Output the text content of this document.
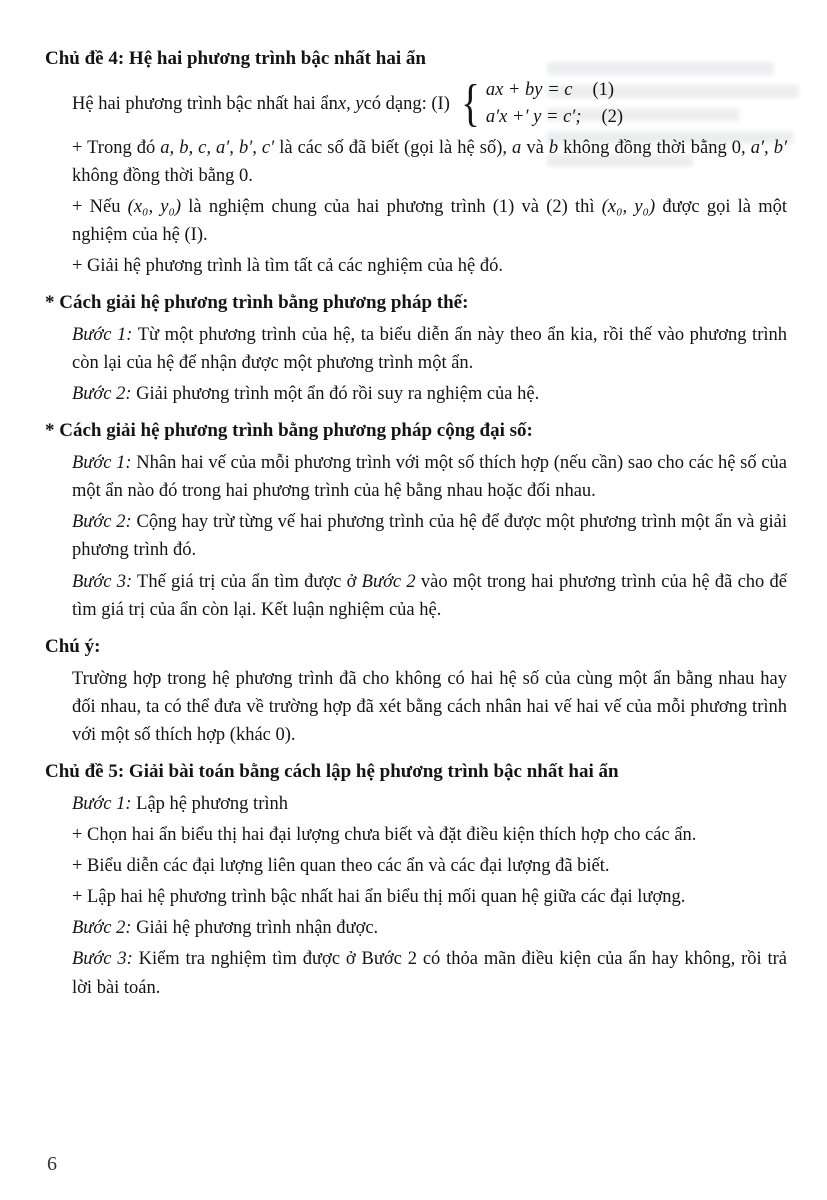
Chủ đề 4: Hệ hai phương trình bậc nhất hai ẩn
Hệ hai phương trình bậc nhất hai ẩn x, y có dạng: (I) { ax + by = c (1)
a′x +′ y = c′; (2)
+ Trong đó a, b, c, a′, b′, c′ là các số đã biết (gọi là hệ số), a và b không đồng thời bằng 0, a′, b′ không đồng thời bằng 0.
+ Nếu (x₀, y₀) là nghiệm chung của hai phương trình (1) và (2) thì (x₀, y₀) được gọi là một nghiệm của hệ (I).
+ Giải hệ phương trình là tìm tất cả các nghiệm của hệ đó.
* Cách giải hệ phương trình bằng phương pháp thế:
Bước 1: Từ một phương trình của hệ, ta biểu diễn ẩn này theo ẩn kia, rồi thế vào phương trình còn lại của hệ để nhận được một phương trình một ẩn.
Bước 2: Giải phương trình một ẩn đó rồi suy ra nghiệm của hệ.
* Cách giải hệ phương trình bằng phương pháp cộng đại số:
Bước 1: Nhân hai vế của mỗi phương trình với một số thích hợp (nếu cần) sao cho các hệ số của một ẩn nào đó trong hai phương trình của hệ bằng nhau hoặc đối nhau.
Bước 2: Cộng hay trừ từng vế hai phương trình của hệ để được một phương trình một ẩn và giải phương trình đó.
Bước 3: Thế giá trị của ẩn tìm được ở Bước 2 vào một trong hai phương trình của hệ đã cho để tìm giá trị của ẩn còn lại. Kết luận nghiệm của hệ.
Chú ý:
Trường hợp trong hệ phương trình đã cho không có hai hệ số của cùng một ẩn bằng nhau hay đối nhau, ta có thể đưa về trường hợp đã xét bằng cách nhân hai vế hai vế của mỗi phương trình với một số thích hợp (khác 0).
Chủ đề 5: Giải bài toán bằng cách lập hệ phương trình bậc nhất hai ẩn
Bước 1: Lập hệ phương trình
+ Chọn hai ẩn biểu thị hai đại lượng chưa biết và đặt điều kiện thích hợp cho các ẩn.
+ Biểu diễn các đại lượng liên quan theo các ẩn và các đại lượng đã biết.
+ Lập hai hệ phương trình bậc nhất hai ẩn biểu thị mối quan hệ giữa các đại lượng.
Bước 2: Giải hệ phương trình nhận được.
Bước 3: Kiểm tra nghiệm tìm được ở Bước 2 có thỏa mãn điều kiện của ẩn hay không, rồi trả lời bài toán.
6
